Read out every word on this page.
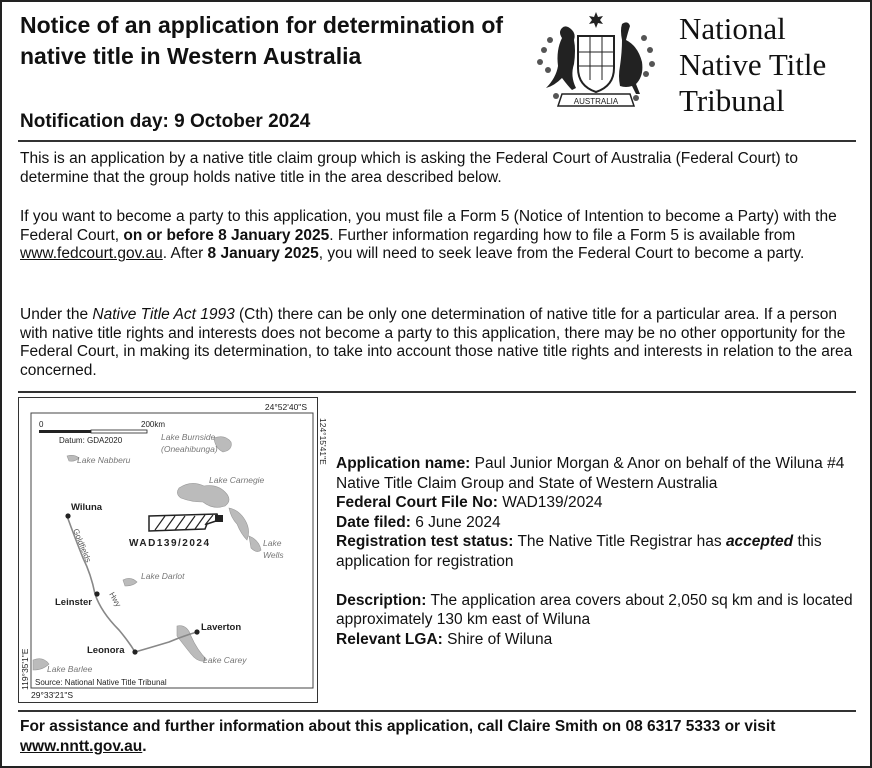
Notice of an application for determination of native title in Western Australia
Notification day: 9 October 2024
AUSTRALIA
National
Native Title
Tribunal

This is an application by a native title claim group which is asking the Federal Court of Australia (Federal Court) to determine that the group holds native title in the area described below.

If you want to become a party to this application, you must file a Form 5 (Notice of Intention to become a Party) with the Federal Court, on or before 8 January 2025. Further information regarding how to file a Form 5 is available from www.fedcourt.gov.au. After 8 January 2025, you will need to seek leave from the Federal Court to become a party.

Under the Native Title Act 1993 (Cth) there can be only one determination of native title for a particular area. If a person with native title rights and interests does not become a party to this application, there may be no other opportunity for the Federal Court, in making its determination, to take into account those native title rights and interests in relation to the area concerned.

24°52'40"S
124°15'41"E
119°35'1"E
29°33'21"S
0	200km
Datum: GDA2020
WAD139/2024
Goldfields
Hwy
Wiluna
Leinster
Leonora
Laverton
Lake Burnside
(Oneahibunga)
Lake Nabberu
Lake Carnegie
Lake
Wells
Lake Darlot
Lake Carey
Lake Barlee
Source: National Native Title Tribunal
Application name: Paul Junior Morgan & Anor on behalf of the Wiluna #4 Native Title Claim Group and State of Western Australia
Federal Court File No: WAD139/2024
Date filed: 6 June 2024
Registration test status: The Native Title Registrar has accepted this application for registration
Description: The application area covers about 2,050 sq km and is located approximately 130 km east of Wiluna
Relevant LGA: Shire of Wiluna
For assistance and further information about this application, call Claire Smith on 08 6317 5333 or visit www.nntt.gov.au.
